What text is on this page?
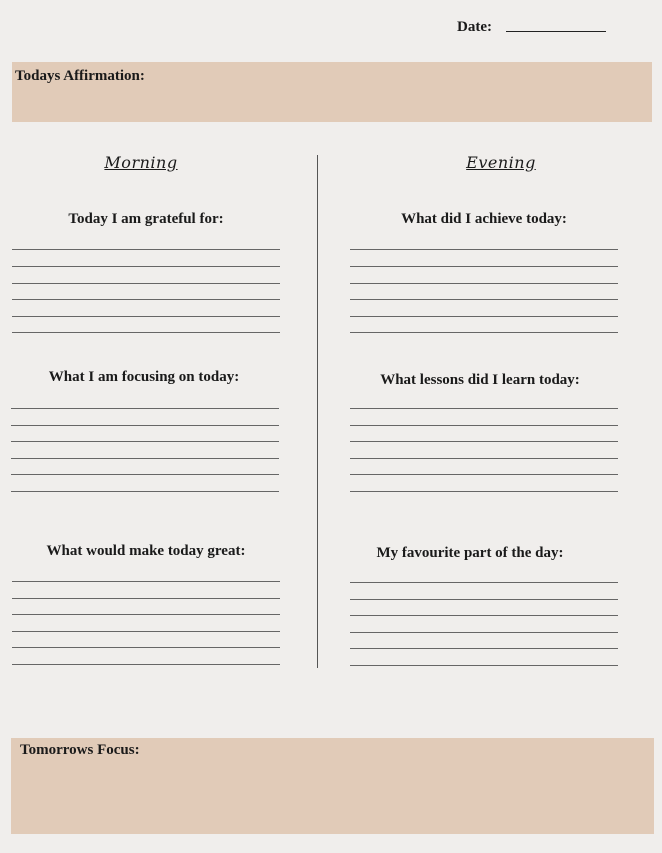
Date:
Todays Affirmation:
Morning	Evening
Today I am grateful for:
What I am focusing on today:
What would make today great:
What did I achieve today:
What lessons did I learn today:
My favourite part of the day:
Tomorrows Focus:
